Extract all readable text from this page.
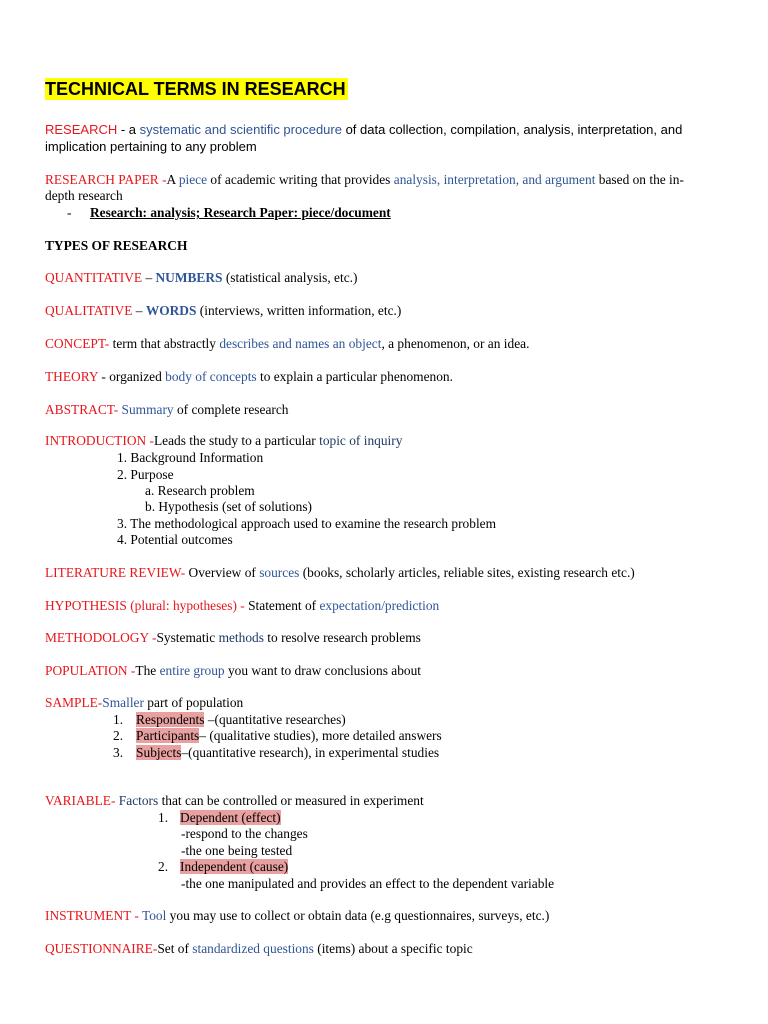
TECHNICAL TERMS IN RESEARCH
RESEARCH - a systematic and scientific procedure of data collection, compilation, analysis, interpretation, and
implication pertaining to any problem
RESEARCH PAPER -A piece of academic writing that provides analysis, interpretation, and argument based on the in-
depth research
- Research: analysis; Research Paper: piece/document
TYPES OF RESEARCH
QUANTITATIVE – NUMBERS (statistical analysis, etc.)
QUALITATIVE – WORDS (interviews, written information, etc.)
CONCEPT- term that abstractly describes and names an object, a phenomenon, or an idea.
THEORY - organized body of concepts to explain a particular phenomenon.
ABSTRACT- Summary of complete research
INTRODUCTION -Leads the study to a particular topic of inquiry
1. Background Information
2. Purpose
a. Research problem
b. Hypothesis (set of solutions)
3. The methodological approach used to examine the research problem
4. Potential outcomes
LITERATURE REVIEW- Overview of sources (books, scholarly articles, reliable sites, existing research etc.)
HYPOTHESIS (plural: hypotheses) - Statement of expectation/prediction
METHODOLOGY -Systematic methods to resolve research problems
POPULATION -The entire group you want to draw conclusions about
SAMPLE-Smaller part of population
1. Respondents –(quantitative researches)
2. Participants– (qualitative studies), more detailed answers
3. Subjects–(quantitative research), in experimental studies
VARIABLE- Factors that can be controlled or measured in experiment
1. Dependent (effect)
-respond to the changes
-the one being tested
2. Independent (cause)
-the one manipulated and provides an effect to the dependent variable
INSTRUMENT - Tool you may use to collect or obtain data (e.g questionnaires, surveys, etc.)
QUESTIONNAIRE-Set of standardized questions (items) about a specific topic
